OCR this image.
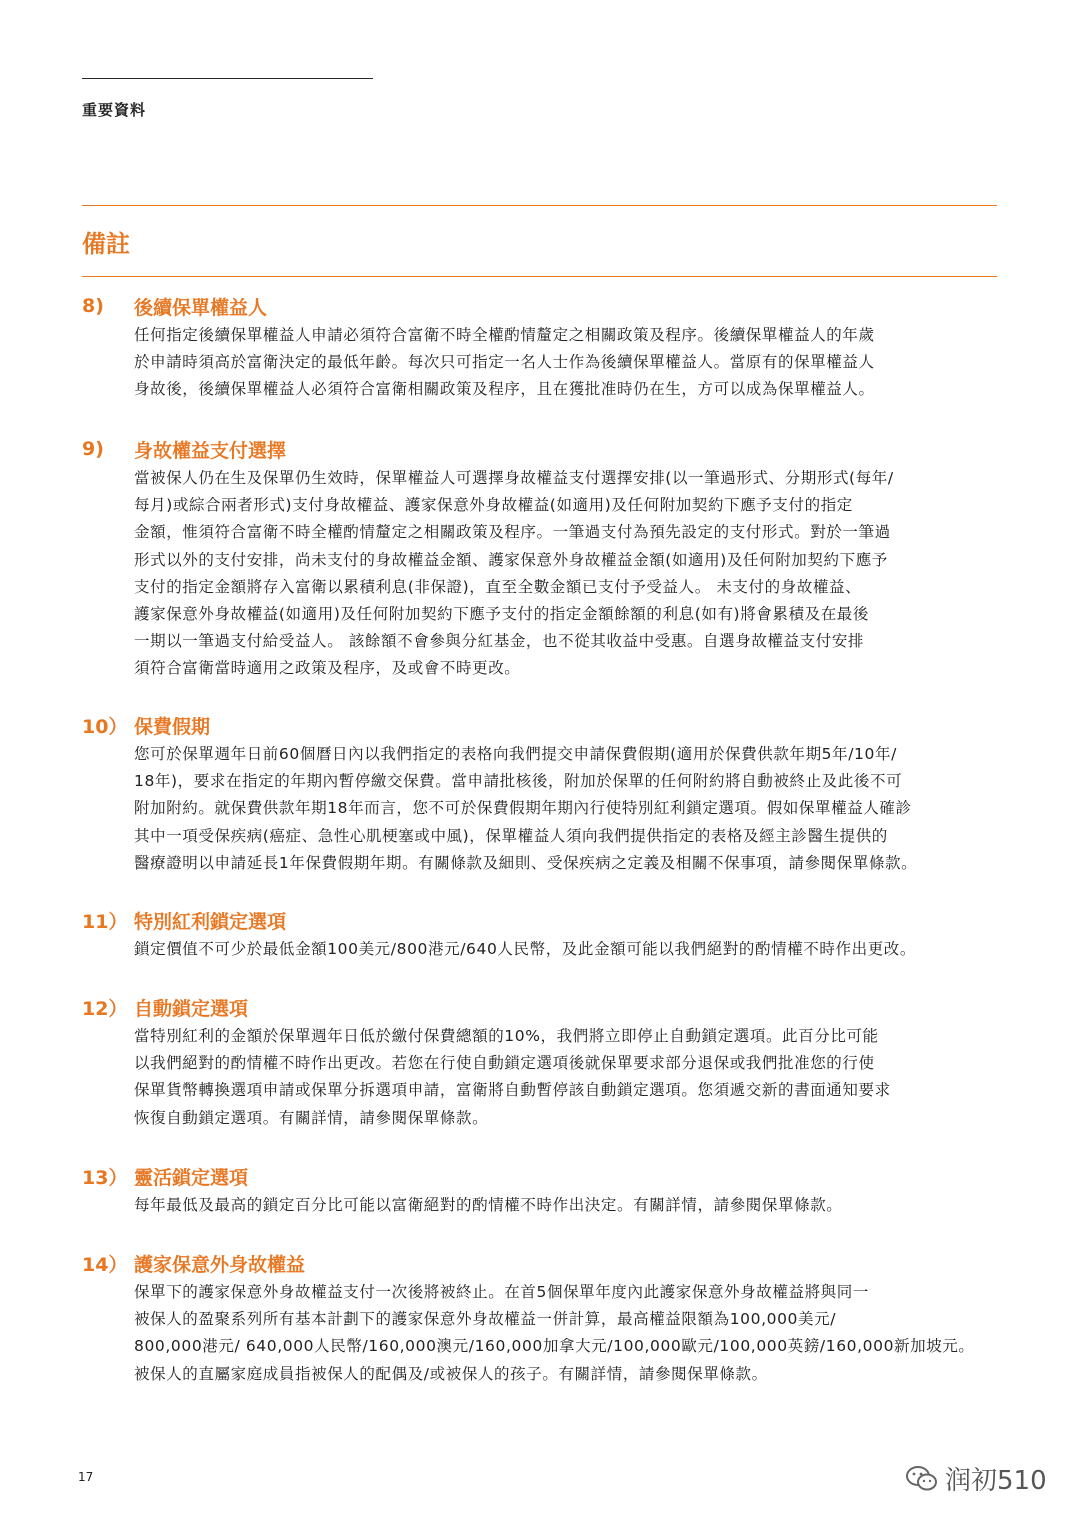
重要資料
備註
8)	後續保單權益人

任何指定後續保單權益人申請必須符合富衛不時全權酌情釐定之相關政策及程序。後續保單權益人的年歲
於申請時須高於富衛決定的最低年齡。每次只可指定一名人士作為後續保單權益人。當原有的保單權益人
身故後，後續保單權益人必須符合富衛相關政策及程序，且在獲批准時仍在生，方可以成為保單權益人。

9)	身故權益支付選擇

當被保人仍在生及保單仍生效時，保單權益人可選擇身故權益支付選擇安排(以一筆過形式、分期形式(每年/
每月)或綜合兩者形式)支付身故權益、護家保意外身故權益(如適用)及任何附加契約下應予支付的指定
金額，惟須符合富衛不時全權酌情釐定之相關政策及程序。一筆過支付為預先設定的支付形式。對於一筆過
形式以外的支付安排，尚未支付的身故權益金額、護家保意外身故權益金額(如適用)及任何附加契約下應予
支付的指定金額將存入富衛以累積利息(非保證)，直至全數金額已支付予受益人。 未支付的身故權益、
護家保意外身故權益(如適用)及任何附加契約下應予支付的指定金額餘額的利息(如有)將會累積及在最後
一期以一筆過支付給受益人。 該餘額不會參與分紅基金，也不從其收益中受惠。自選身故權益支付安排
須符合富衛當時適用之政策及程序，及或會不時更改。

10） 保費假期

您可於保單週年日前60個曆日內以我們指定的表格向我們提交申請保費假期(適用於保費供款年期5年/10年/
18年)，要求在指定的年期內暫停繳交保費。當申請批核後，附加於保單的任何附約將自動被終止及此後不可
附加附約。就保費供款年期18年而言，您不可於保費假期年期內行使特別紅利鎖定選項。假如保單權益人確診
其中一項受保疾病(癌症、急性心肌梗塞或中風)，保單權益人須向我們提供指定的表格及經主診醫生提供的
醫療證明以申請延長1年保費假期年期。有關條款及細則、受保疾病之定義及相關不保事項，請參閱保單條款。

11） 特別紅利鎖定選項

鎖定價值不可少於最低金額100美元/800港元/640人民幣，及此金額可能以我們絕對的酌情權不時作出更改。

12） 自動鎖定選項

當特別紅利的金額於保單週年日低於繳付保費總額的10%，我們將立即停止自動鎖定選項。此百分比可能
以我們絕對的酌情權不時作出更改。若您在行使自動鎖定選項後就保單要求部分退保或我們批准您的行使
保單貨幣轉換選項申請或保單分拆選項申請，富衛將自動暫停該自動鎖定選項。您須遞交新的書面通知要求
恢復自動鎖定選項。有關詳情，請參閱保單條款。

13） 靈活鎖定選項

每年最低及最高的鎖定百分比可能以富衛絕對的酌情權不時作出決定。有關詳情，請參閱保單條款。

14） 護家保意外身故權益

保單下的護家保意外身故權益支付一次後將被終止。在首5個保單年度內此護家保意外身故權益將與同一
被保人的盈聚系列所有基本計劃下的護家保意外身故權益一併計算，最高權益限額為100,000美元/
800,000港元/ 640,000人民幣/160,000澳元/160,000加拿大元/100,000歐元/100,000英鎊/160,000新加坡元。
被保人的直屬家庭成員指被保人的配偶及/或被保人的孩子。有關詳情，請參閱保單條款。

17	润初510
